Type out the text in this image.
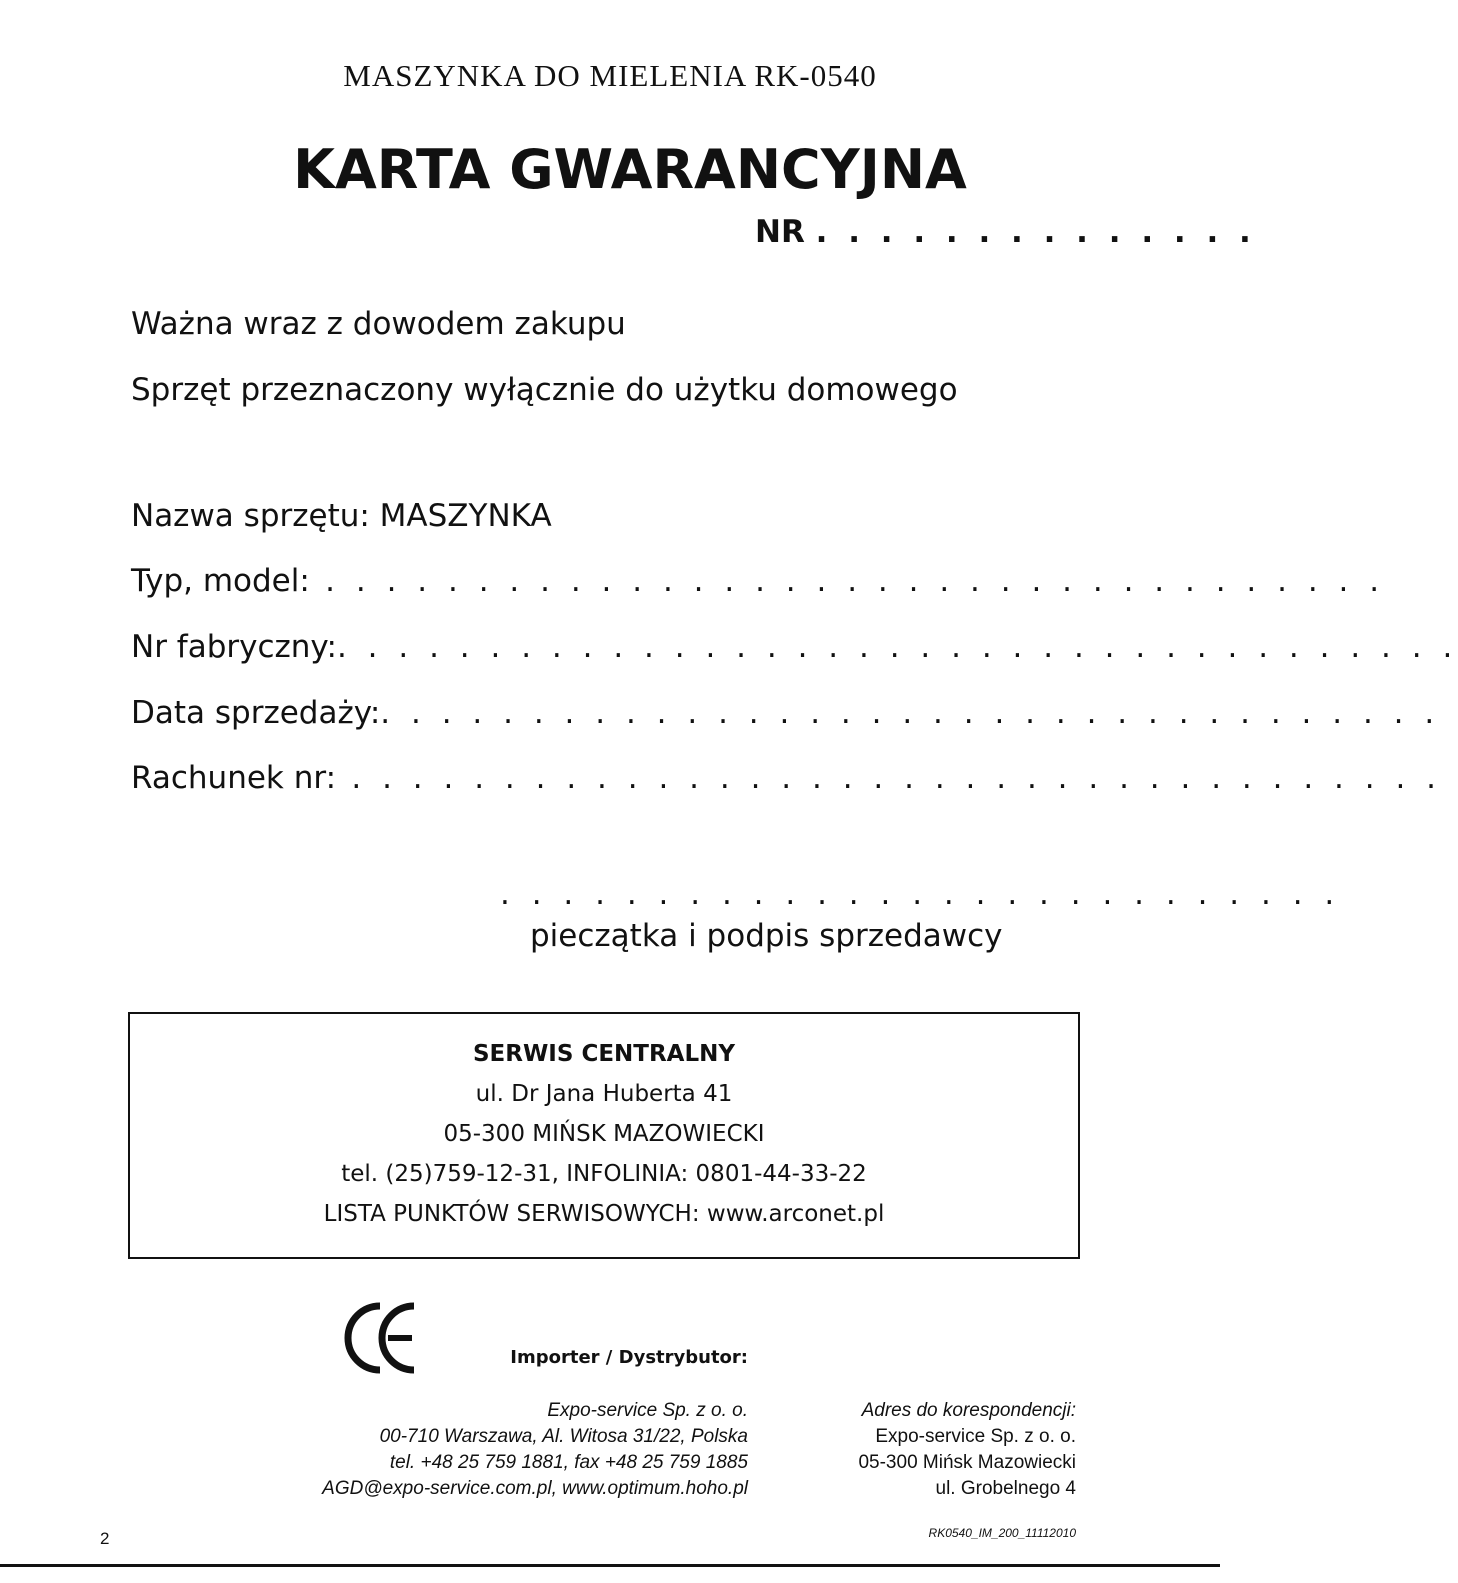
MASZYNKA DO MIELENIA RK-0540
KARTA GWARANCYJNA
NR . . . . . . . . . . . . . .
Ważna wraz z dowodem zakupu
Sprzęt przeznaczony wyłącznie do użytku domowego
Nazwa sprzętu: MASZYNKA
Typ, model: . . . . . . . . . . . . . . . . . . . . . . . . . . . . . . . . . . .
Nr fabryczny:. . . . . . . . . . . . . . . . . . . . . . . . . . . . . . . . . . . . .
Data sprzedaży:. . . . . . . . . . . . . . . . . . . . . . . . . . . . . . . . . . .
Rachunek nr: . . . . . . . . . . . . . . . . . . . . . . . . . . . . . . . . . . . .
. . . . . . . . . . . . . . . . . . . . . . . . . . .
pieczątka i podpis sprzedawcy
SERWIS CENTRALNY
ul. Dr Jana Huberta 41
05-300 MIŃSK MAZOWIECKI
tel. (25)759-12-31, INFOLINIA: 0801-44-33-22
LISTA PUNKTÓW SERWISOWYCH: www.arconet.pl
Importer / Dystrybutor:
Expo-service Sp. z o. o.
00-710 Warszawa, Al. Witosa 31/22, Polska
tel. +48 25 759 1881, fax +48 25 759 1885
AGD@expo-service.com.pl, www.optimum.hoho.pl
Adres do korespondencji:
Expo-service Sp. z o. o.
05-300 Mińsk Mazowiecki
ul. Grobelnego 4
2	RK0540_IM_200_11112010
